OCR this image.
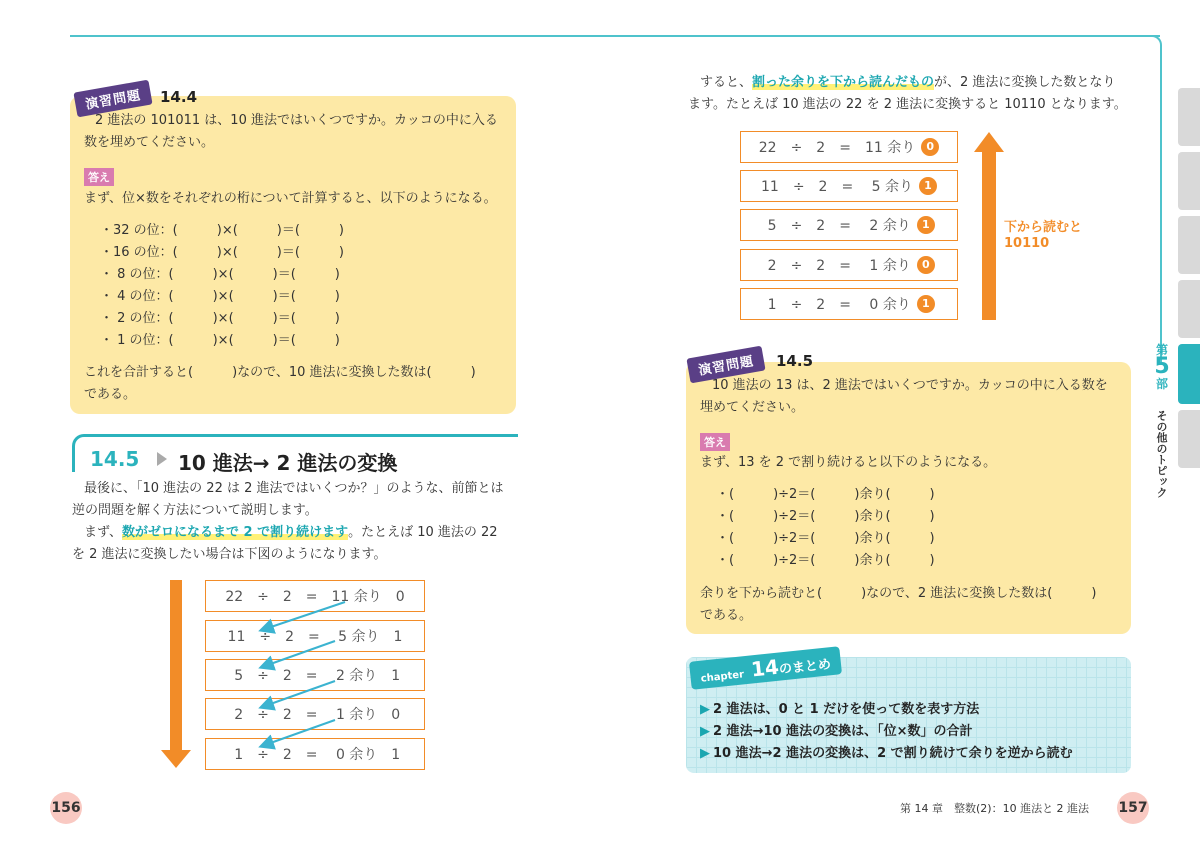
演習問題	14.4
2 進法の 101011 は、10 進法ではいくつですか。カッコの中に入る
数を埋めてください。
答え
まず、位×数をそれぞれの桁について計算すると、以下のようになる。
・32 の位：(　　　)×(　　　)＝(　　　)
・16 の位：(　　　)×(　　　)＝(　　　)
・ 8 の位：(　　　)×(　　　)＝(　　　)
・ 4 の位：(　　　)×(　　　)＝(　　　)
・ 2 の位：(　　　)×(　　　)＝(　　　)
・ 1 の位：(　　　)×(　　　)＝(　　　)
これを合計すると(　　　)なので、10 進法に変換した数は(　　　)
である。
14.5 10 進法→ 2 進法の変換
最後に、「10 進法の 22 は 2 進法ではいくつか？」のような、前節とは
逆の問題を解く方法について説明します。
まず、数がゼロになるまで 2 で割り続けます。たとえば 10 進法の 22
を 2 進法に変換したい場合は下図のようになります。
22　÷　2　=　11 余り　0
11　÷　2　=　 5 余り　1
5　÷　2　=　 2 余り　1
2　÷　2　=　 1 余り　0
1　÷　2　=　 0 余り　1
156
すると、割った余りを下から読んだものが、2 進法に変換した数となり
ます。たとえば 10 進法の 22 を 2 進法に変換すると 10110 となります。
22　÷　2　=　11 余り	0
11　÷　2　=　 5 余り	1
5　÷　2　=　 2 余り	1
2　÷　2　=　 1 余り	0
1　÷　2　=　 0 余り	1
下から読むと
10110
演習問題	14.5
10 進法の 13 は、2 進法ではいくつですか。カッコの中に入る数を
埋めてください。
答え
まず、13 を 2 で割り続けると以下のようになる。
・(　　　)÷2＝(　　　)余り(　　　)
・(　　　)÷2＝(　　　)余り(　　　)
・(　　　)÷2＝(　　　)余り(　　　)
・(　　　)÷2＝(　　　)余り(　　　)
余りを下から読むと(　　　)なので、2 進法に変換した数は(　　　)
である。
chapter 14のまとめ
▶ 2 進法は、0 と 1 だけを使って数を表す方法
▶ 2 進法→10 進法の変換は、「位×数」の合計
▶ 10 進法→2 進法の変換は、2 で割り続けて余りを逆から読む
第
5
部
その他のトピック
第 14 章　整数(2)：10 進法と 2 進法 157
